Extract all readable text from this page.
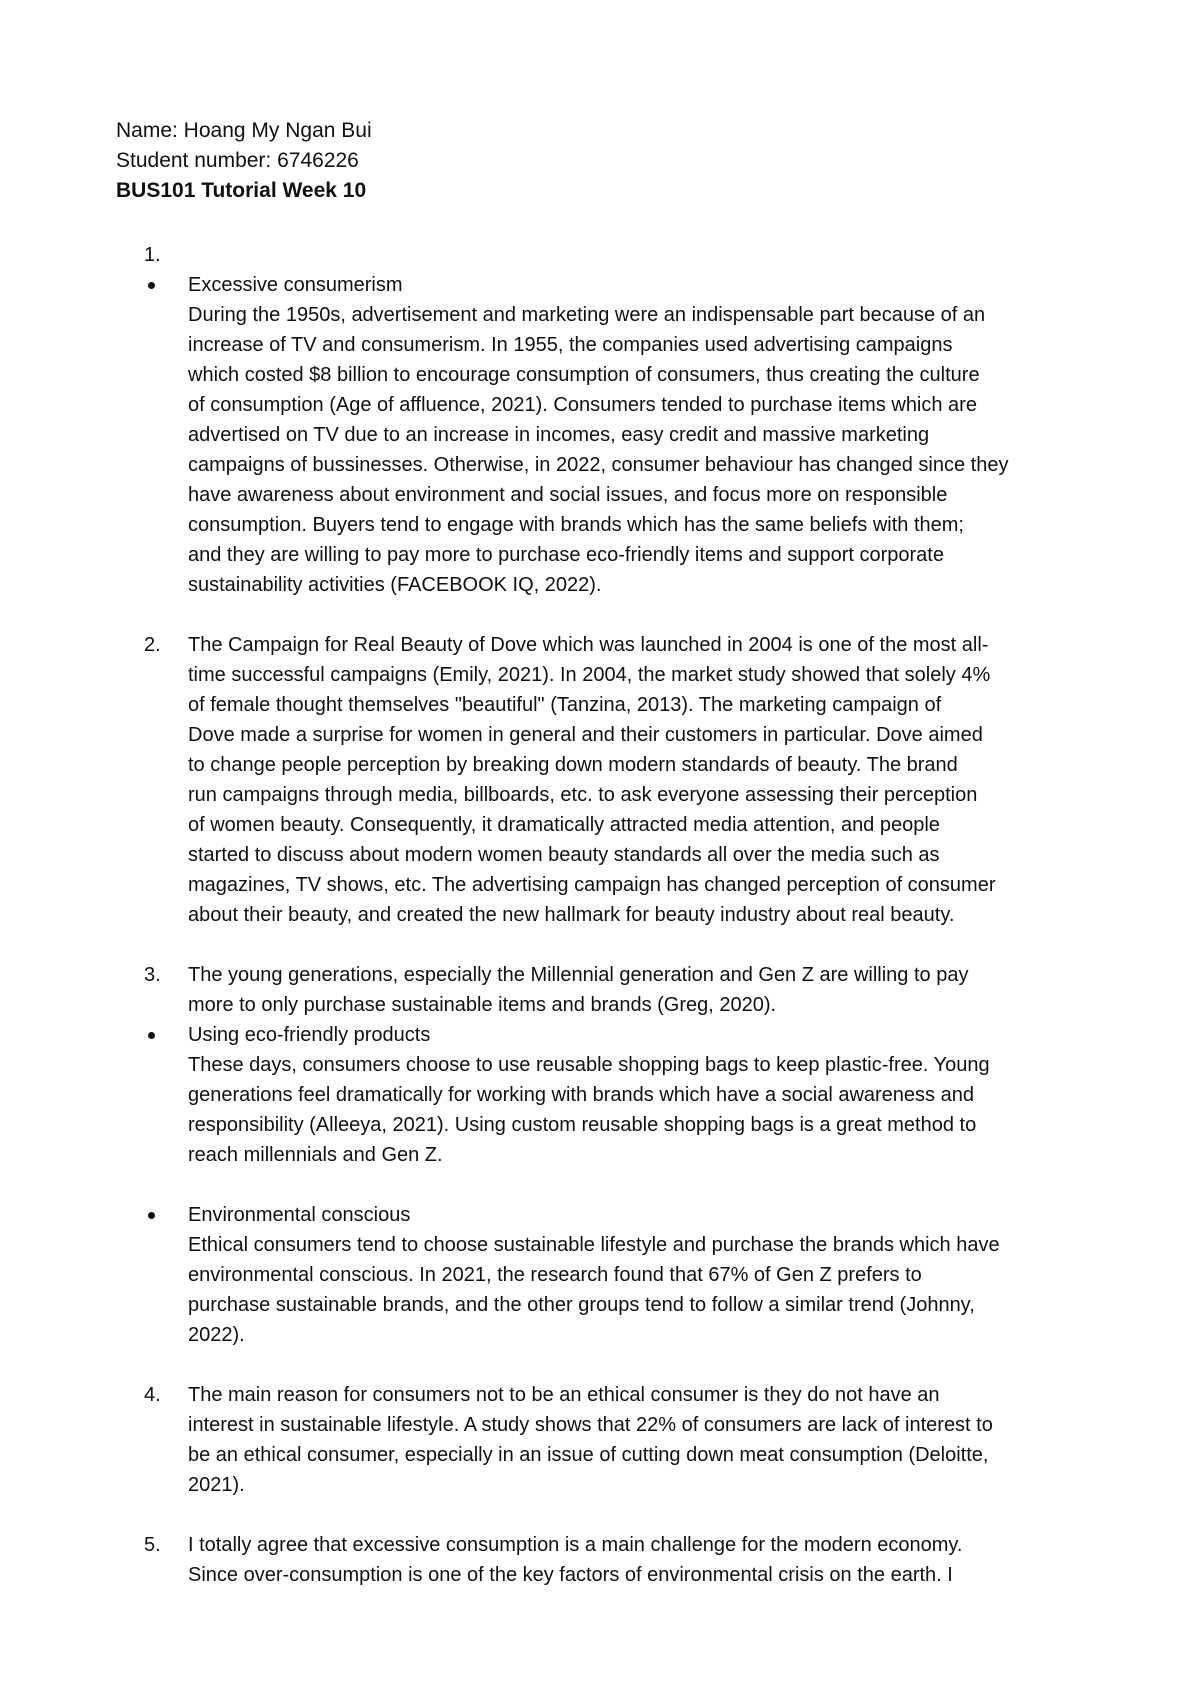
Name: Hoang My Ngan Bui
Student number: 6746226
BUS101 Tutorial Week 10
1.

Excessive consumerism
During the 1950s, advertisement and marketing were an indispensable part because of an
increase of TV and consumerism. In 1955, the companies used advertising campaigns
which costed $8 billion to encourage consumption of consumers, thus creating the culture
of consumption (Age of affluence, 2021). Consumers tended to purchase items which are
advertised on TV due to an increase in incomes, easy credit and massive marketing
campaigns of bussinesses. Otherwise, in 2022, consumer behaviour has changed since they
have awareness about environment and social issues, and focus more on responsible
consumption. Buyers tend to engage with brands which has the same beliefs with them;
and they are willing to pay more to purchase eco-friendly items and support corporate
sustainability activities (FACEBOOK IQ, 2022).
2. The Campaign for Real Beauty of Dove which was launched in 2004 is one of the most all-
time successful campaigns (Emily, 2021). In 2004, the market study showed that solely 4%
of female thought themselves "beautiful" (Tanzina, 2013). The marketing campaign of
Dove made a surprise for women in general and their customers in particular. Dove aimed
to change people perception by breaking down modern standards of beauty. The brand
run campaigns through media, billboards, etc. to ask everyone assessing their perception
of women beauty. Consequently, it dramatically attracted media attention, and people
started to discuss about modern women beauty standards all over the media such as
magazines, TV shows, etc. The advertising campaign has changed perception of consumer
about their beauty, and created the new hallmark for beauty industry about real beauty.
3. The young generations, especially the Millennial generation and Gen Z are willing to pay
more to only purchase sustainable items and brands (Greg, 2020).
Using eco-friendly products
These days, consumers choose to use reusable shopping bags to keep plastic-free. Young
generations feel dramatically for working with brands which have a social awareness and
responsibility (Alleeya, 2021). Using custom reusable shopping bags is a great method to
reach millennials and Gen Z.
Environmental conscious
Ethical consumers tend to choose sustainable lifestyle and purchase the brands which have
environmental conscious. In 2021, the research found that 67% of Gen Z prefers to
purchase sustainable brands, and the other groups tend to follow a similar trend (Johnny,
2022).
4. The main reason for consumers not to be an ethical consumer is they do not have an
interest in sustainable lifestyle. A study shows that 22% of consumers are lack of interest to
be an ethical consumer, especially in an issue of cutting down meat consumption (Deloitte,
2021).
5. I totally agree that excessive consumption is a main challenge for the modern economy.
Since over-consumption is one of the key factors of environmental crisis on the earth. I
